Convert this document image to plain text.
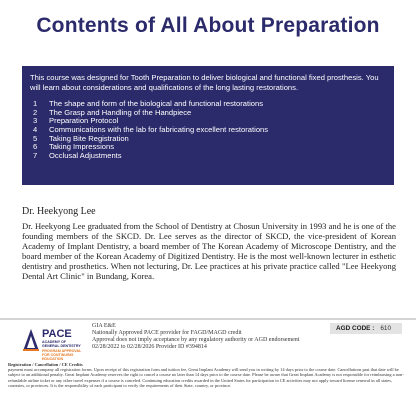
Contents of All About Preparation

This course was designed for Tooth Preparation to deliver biological and functional fixed prosthesis. You will learn about considerations and qualifications of the long lasting restorations.

1	The shape and form of the biological and functional restorations
2	The Grasp and Handling of the Handpiece
3	Preparation Protocol
4	Communications with the lab for fabricating excellent restorations
5	Taking Bite Registration
6	Taking Impressions
7	Occlusal Adjustments
Dr. Heekyong Lee
Dr. Heekyong Lee graduated from the School of Dentistry at Chosun University in 1993 and he is one of the founding members of the SKCD. Dr. Lee serves as the director of SKCD, the vice-president of Korean Academy of Implant Dentistry, a board member of The Korean Academy of Microscope Dentistry, and the board member of the Korean Academy of Digitized Dentistry. He is the most well-known lecturer in esthetic dentistry and prosthetics. When not lecturing, Dr. Lee practices at his private practice called "Lee Heekyong Dental Art Clinic" in Bundang, Korea.
PACE
ACADEMY OF GENERAL DENTISTRY
PROGRAM APPROVAL FOR CONTINUING EDUCATION
GIA E&E
Nationally Approved PACE provider for FAGD/MAGD credit
Approval does not imply acceptance by any regulatory authority or AGD endorsement
02/28/2022 to 02/28/2026 Provider ID #394814
AGD CODE : 610
Registration / Cancellation / CE Credits
payment must accompany all registration forms. Upon receipt of this registration form and tuition fee, Great Implant Academy will send you in writing by 14 days prior to the course date. Cancellations past that date will be subject to an additional penalty. Great Implant Academy reserves the right to cancel a course no later than 14 days prior to the course date. Please be aware that Great Implant Academy is not responsible for reimbursing a non-refundable airline ticket or any other travel expenses if a course is canceled. Continuing education credits awarded in the United States for participation in CE activities may not apply toward license renewal in all states, countries, or provinces. It is the responsibility of each participant to verify the requirements of their State, country, or province.
